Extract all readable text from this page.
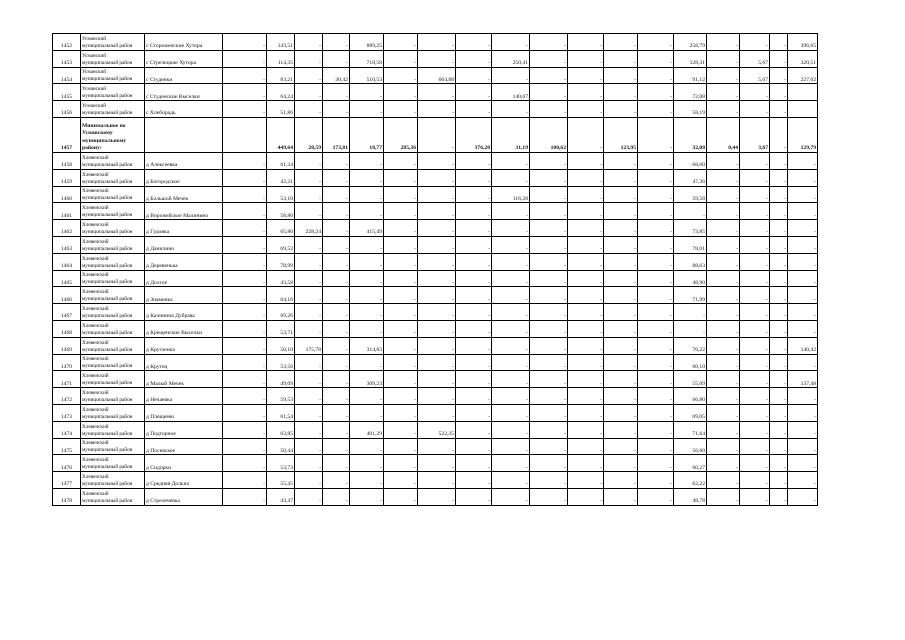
1452	Усманский муниципальный район	с Стороженские Хутора	-	143,51	-	-	889,25	-	-	-	-	-	-	-	-	258,79	-	-	-	396,65
1453	Усманский муниципальный район	с Стрелецкие Хутора	-	114,35	-	-	718,58	-	-	-	250,41	-	-	-	-	128,31	-	5,67	-	320,51
1454	Усманский муниципальный район	с Студенки	-	83,21	-	30,42	510,53	-	664,88	-	-	-	-	-	-	91,12	-	5,67	-	227,62
1455	Усманский муниципальный район	с Студенские Выселки	-	64,24	-	-	-	-	-	-	140,67	-	-	-	-	72,08	-	-	-	
1456	Усманский муниципальный район	с Хлеборадь	-	51,86	-	-	-	-	-	-	-	-	-	-	-	58,19	-	-	-	
1457	Минимальное по Усманскому муниципальному району:			449,64	28,59	173,81	18,77	285,36	-	376,20	31,19	100,62	-	123,95	-	32,08	0,44	3,67	-	129,79
1458	Хлевенский муниципальный район	д Алексеевка	-	61,34	-	-	-	-	-	-	-	-	-	-	-	68,60	-	-	-	-
1459	Хлевенский муниципальный район	д Богородское	-	42,21	-	-	-	-	-	-	-	-	-	-	-	47,36	-	-	-	-
1460	Хлевенский муниципальный район	д Большой Мечек	-	53,10	-	-	-	-	-	-	116,28	-	-	-	-	59,58	-	-	-	-
1461	Хлевенский муниципальный район	д Ворожейское Малинино	-	58,80	-	-	-	-	-	-	-	-	-	-	-	-	-	-	-	-
1462	Хлевенский муниципальный район	д Гудовка	-	65,80	228,24	-	415,49	-	-	-	-	-	-	-	-	73,85	-	-	-	-
1463	Хлевенский муниципальный район	д Данилино	-	69,52	-	-	-	-	-	-	-	-	-	-	-	78,01	-	-	-	-
1464	Хлевенский муниципальный район	д Деревенька	-	78,99	-	-	-	-	-	-	-	-	-	-	-	88,63	-	-	-	-
1465	Хлевенский муниципальный район	д Долгое	-	43,58	-	-	-	-	-	-	-	-	-	-	-	48,90	-	-	-	-
1466	Хлевенский муниципальный район	д Знаменка	-	64,16	-	-	-	-	-	-	-	-	-	-	-	71,99	-	-	-	-
1467	Хлевенский муниципальный район	д Калинина Дубрава	-	69,26	-	-	-	-	-	-	-	-	-	-	-	-	-	-	-	-
1468	Хлевенский муниципальный район	д Крещенские Выселки	-	53,71	-	-	-	-	-	-	-	-	-	-	-	-	-	-	-	-
1469	Хлевенский муниципальный район	д Кругленка	-	50,10	175,78	-	314,83	-	-	-	-	-	-	-	-	76,22	-	-	-	140,42
1470	Хлевенский муниципальный район	д Крутец	-	53,56	-	-	-	-	-	-	-	-	-	-	-	60,10	-	-	-	-
1471	Хлевенский муниципальный район	д Малый Мечек	-	49,09	-	-	309,23	-	-	-	-	-	-	-	-	55,09	-	-	-	137,48
1472	Хлевенский муниципальный район	д Нечаевка	-	59,53	-	-	-	-	-	-	-	-	-	-	-	66,80	-	-	-	-
1473	Хлевенский муниципальный район	д Плещеево	-	61,54	-	-	-	-	-	-	-	-	-	-	-	69,05	-	-	-	-
1474	Хлевенский муниципальный район	д Подгорное	-	63,85	-	-	401,29	-	522,25	-	-	-	-	-	-	71,64	-	-	-	-
1475	Хлевенский муниципальный район	д Посевское	-	50,44	-	-	-	-	-	-	-	-	-	-	-	56,60	-	-	-	-
1476	Хлевенский муниципальный район	д Сидорки	-	53,73	-	-	-	-	-	-	-	-	-	-	-	60,27	-	-	-	-
1477	Хлевенский муниципальный район	д Средняя Дольна	-	55,45	-	-	-	-	-	-	-	-	-	-	-	62,22	-	-	-	-
1478	Хлевенский муниципальный район	д Стрелечевка	-	43,47	-	-	-	-	-	-	-	-	-	-	-	48,78	-	-	-	-
